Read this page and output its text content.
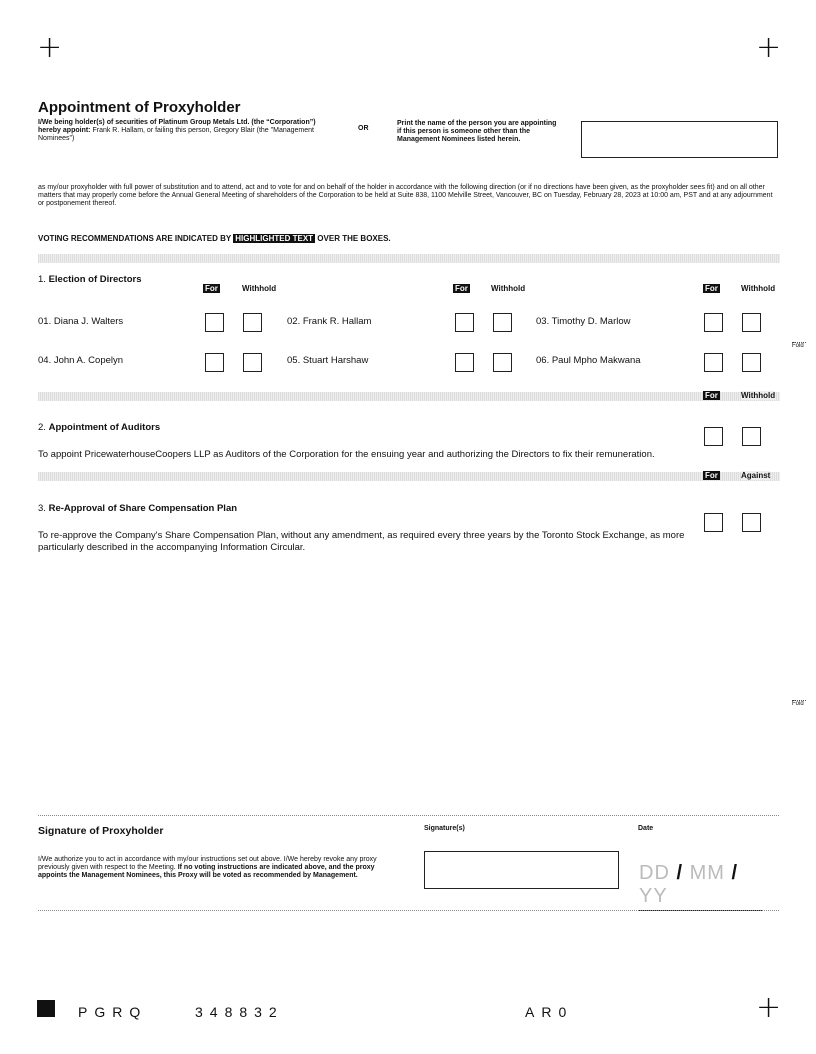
+	+
+
Appointment of Proxyholder
I/We being holder(s) of securities of Platinum Group Metals Ltd. (the “Corporation”) hereby appoint: Frank R. Hallam, or failing this person, Gregory Blair (the "Management Nominees")
OR
Print the name of the person you are appointing if this person is someone other than the Management Nominees listed herein.
as my/our proxyholder with full power of substitution and to attend, act and to vote for and on behalf of the holder in accordance with the following direction (or if no directions have been given, as the proxyholder sees fit) and on all other matters that may properly come before the Annual General Meeting of shareholders of the Corporation to be held at Suite 838, 1100 Melville Street, Vancouver, BC on Tuesday, February 28, 2023 at 10:00 am, PST and at any adjournment or postponement thereof.
VOTING RECOMMENDATIONS ARE INDICATED BY HIGHLIGHTED TEXT OVER THE BOXES.
1. Election of Directors
For	Withhold	For	Withhold	For	Withhold
01. Diana J. Walters	02. Frank R. Hallam	03. Timothy D. Marlow
04. John A. Copelyn	05. Stuart Harshaw	06. Paul Mpho Makwana
Fold
Fold
For	Withhold
2. Appointment of Auditors
To appoint PricewaterhouseCoopers LLP as Auditors of the Corporation for the ensuing year and authorizing the Directors to fix their remuneration.
For	Against
3. Re-Approval of Share Compensation Plan
To re-approve the Company's Share Compensation Plan, without any amendment, as required every three years by the Toronto Stock Exchange, as more particularly described in the accompanying Information Circular.
Signature of Proxyholder
I/We authorize you to act in accordance with my/our instructions set out above. I/We hereby revoke any proxy previously given with respect to the Meeting. If no voting instructions are indicated above, and the proxy appoints the Management Nominees, this Proxy will be voted as recommended by Management.
Signature(s)	Date
DD / MM / YY
PGRQ	348832	AR0
